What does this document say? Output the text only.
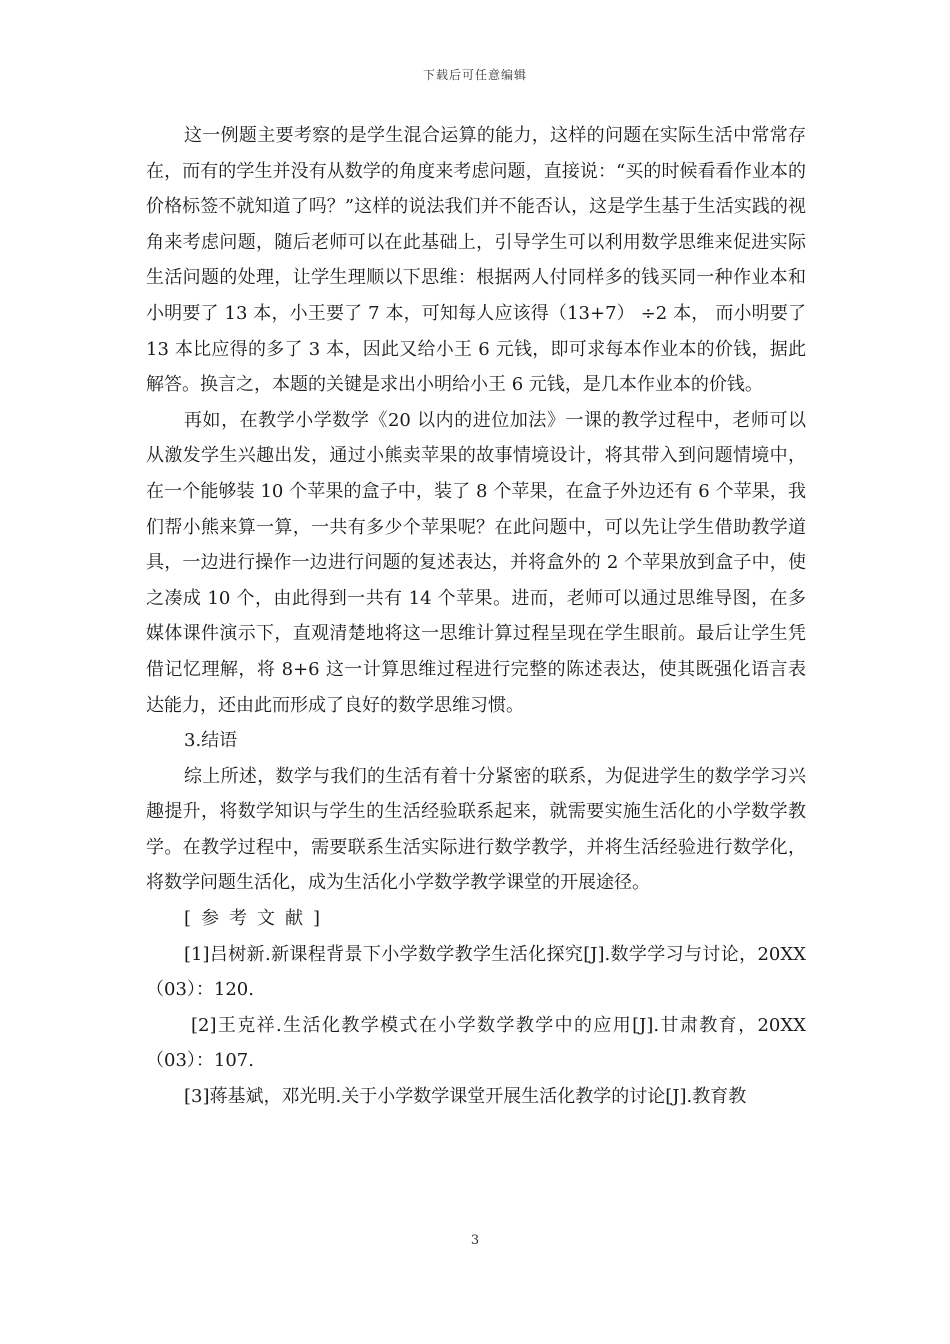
下载后可任意编辑

这一例题主要考察的是学生混合运算的能力，这样的问题在实际生活中常常存在，而有的学生并没有从数学的角度来考虑问题，直接说：“买的时候看看作业本的价格标签不就知道了吗？”这样的说法我们并不能否认，这是学生基于生活实践的视角来考虑问题，随后老师可以在此基础上，引导学生可以利用数学思维来促进实际生活问题的处理，让学生理顺以下思维：根据两人付同样多的钱买同一种作业本和小明要了 13 本，小王要了 7 本，可知每人应该得（13+7） ÷2 本， 而小明要了 13 本比应得的多了 3 本，因此又给小王 6 元钱，即可求每本作业本的价钱，据此解答。换言之，本题的关键是求出小明给小王 6 元钱，是几本作业本的价钱。

再如，在教学小学数学《20 以内的进位加法》一课的教学过程中，老师可以从激发学生兴趣出发，通过小熊卖苹果的故事情境设计，将其带入到问题情境中，在一个能够装 10 个苹果的盒子中，装了 8 个苹果，在盒子外边还有 6 个苹果，我们帮小熊来算一算，一共有多少个苹果呢？在此问题中，可以先让学生借助教学道具，一边进行操作一边进行问题的复述表达，并将盒外的 2 个苹果放到盒子中，使之凑成 10 个，由此得到一共有 14 个苹果。进而，老师可以通过思维导图，在多媒体课件演示下，直观清楚地将这一思维计算过程呈现在学生眼前。最后让学生凭借记忆理解，将 8+6 这一计算思维过程进行完整的陈述表达，使其既强化语言表达能力，还由此而形成了良好的数学思维习惯。

3.结语

综上所述，数学与我们的生活有着十分紧密的联系，为促进学生的数学学习兴趣提升，将数学知识与学生的生活经验联系起来，就需要实施生活化的小学数学教学。在教学过程中，需要联系生活实际进行数学教学，并将生活经验进行数学化，将数学问题生活化，成为生活化小学数学教学课堂的开展途径。

[参考文献]

[1]吕树新.新课程背景下小学数学教学生活化探究[J].数学学习与讨论，20XX（03）：120.

[2]王克祥.生活化教学模式在小学数学教学中的应用[J].甘肃教育，20XX（03）：107.

[3]蒋基斌，邓光明.关于小学数学课堂开展生活化教学的讨论[J].教育教

3
